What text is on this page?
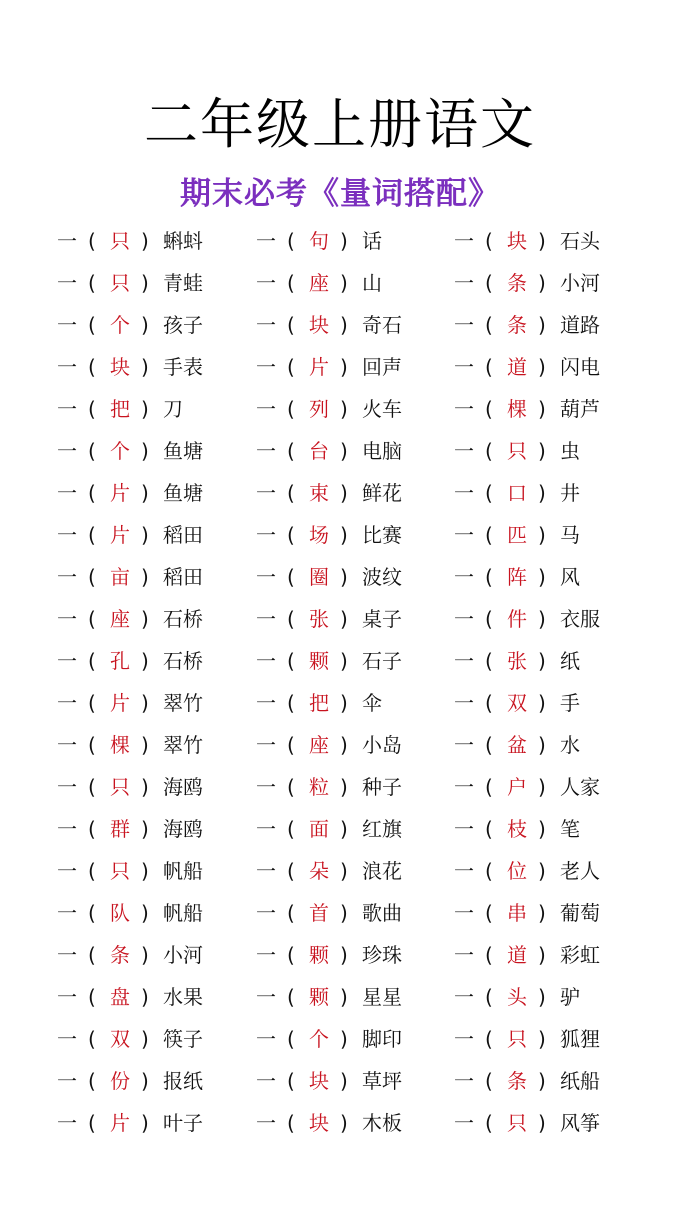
二年级上册语文
期末必考《量词搭配》
一 ( 只 ) 蝌蚪	一 ( 句 ) 话	一 ( 块 ) 石头
一 ( 只 ) 青蛙	一 ( 座 ) 山	一 ( 条 ) 小河
一 ( 个 ) 孩子	一 ( 块 ) 奇石	一 ( 条 ) 道路
一 ( 块 ) 手表	一 ( 片 ) 回声	一 ( 道 ) 闪电
一 ( 把 ) 刀	一 ( 列 ) 火车	一 ( 棵 ) 葫芦
一 ( 个 ) 鱼塘	一 ( 台 ) 电脑	一 ( 只 ) 虫
一 ( 片 ) 鱼塘	一 ( 束 ) 鲜花	一 ( 口 ) 井
一 ( 片 ) 稻田	一 ( 场 ) 比赛	一 ( 匹 ) 马
一 ( 亩 ) 稻田	一 ( 圈 ) 波纹	一 ( 阵 ) 风
一 ( 座 ) 石桥	一 ( 张 ) 桌子	一 ( 件 ) 衣服
一 ( 孔 ) 石桥	一 ( 颗 ) 石子	一 ( 张 ) 纸
一 ( 片 ) 翠竹	一 ( 把 ) 伞	一 ( 双 ) 手
一 ( 棵 ) 翠竹	一 ( 座 ) 小岛	一 ( 盆 ) 水
一 ( 只 ) 海鸥	一 ( 粒 ) 种子	一 ( 户 ) 人家
一 ( 群 ) 海鸥	一 ( 面 ) 红旗	一 ( 枝 ) 笔
一 ( 只 ) 帆船	一 ( 朵 ) 浪花	一 ( 位 ) 老人
一 ( 队 ) 帆船	一 ( 首 ) 歌曲	一 ( 串 ) 葡萄
一 ( 条 ) 小河	一 ( 颗 ) 珍珠	一 ( 道 ) 彩虹
一 ( 盘 ) 水果	一 ( 颗 ) 星星	一 ( 头 ) 驴
一 ( 双 ) 筷子	一 ( 个 ) 脚印	一 ( 只 ) 狐狸
一 ( 份 ) 报纸	一 ( 块 ) 草坪	一 ( 条 ) 纸船
一 ( 片 ) 叶子	一 ( 块 ) 木板	一 ( 只 ) 风筝
